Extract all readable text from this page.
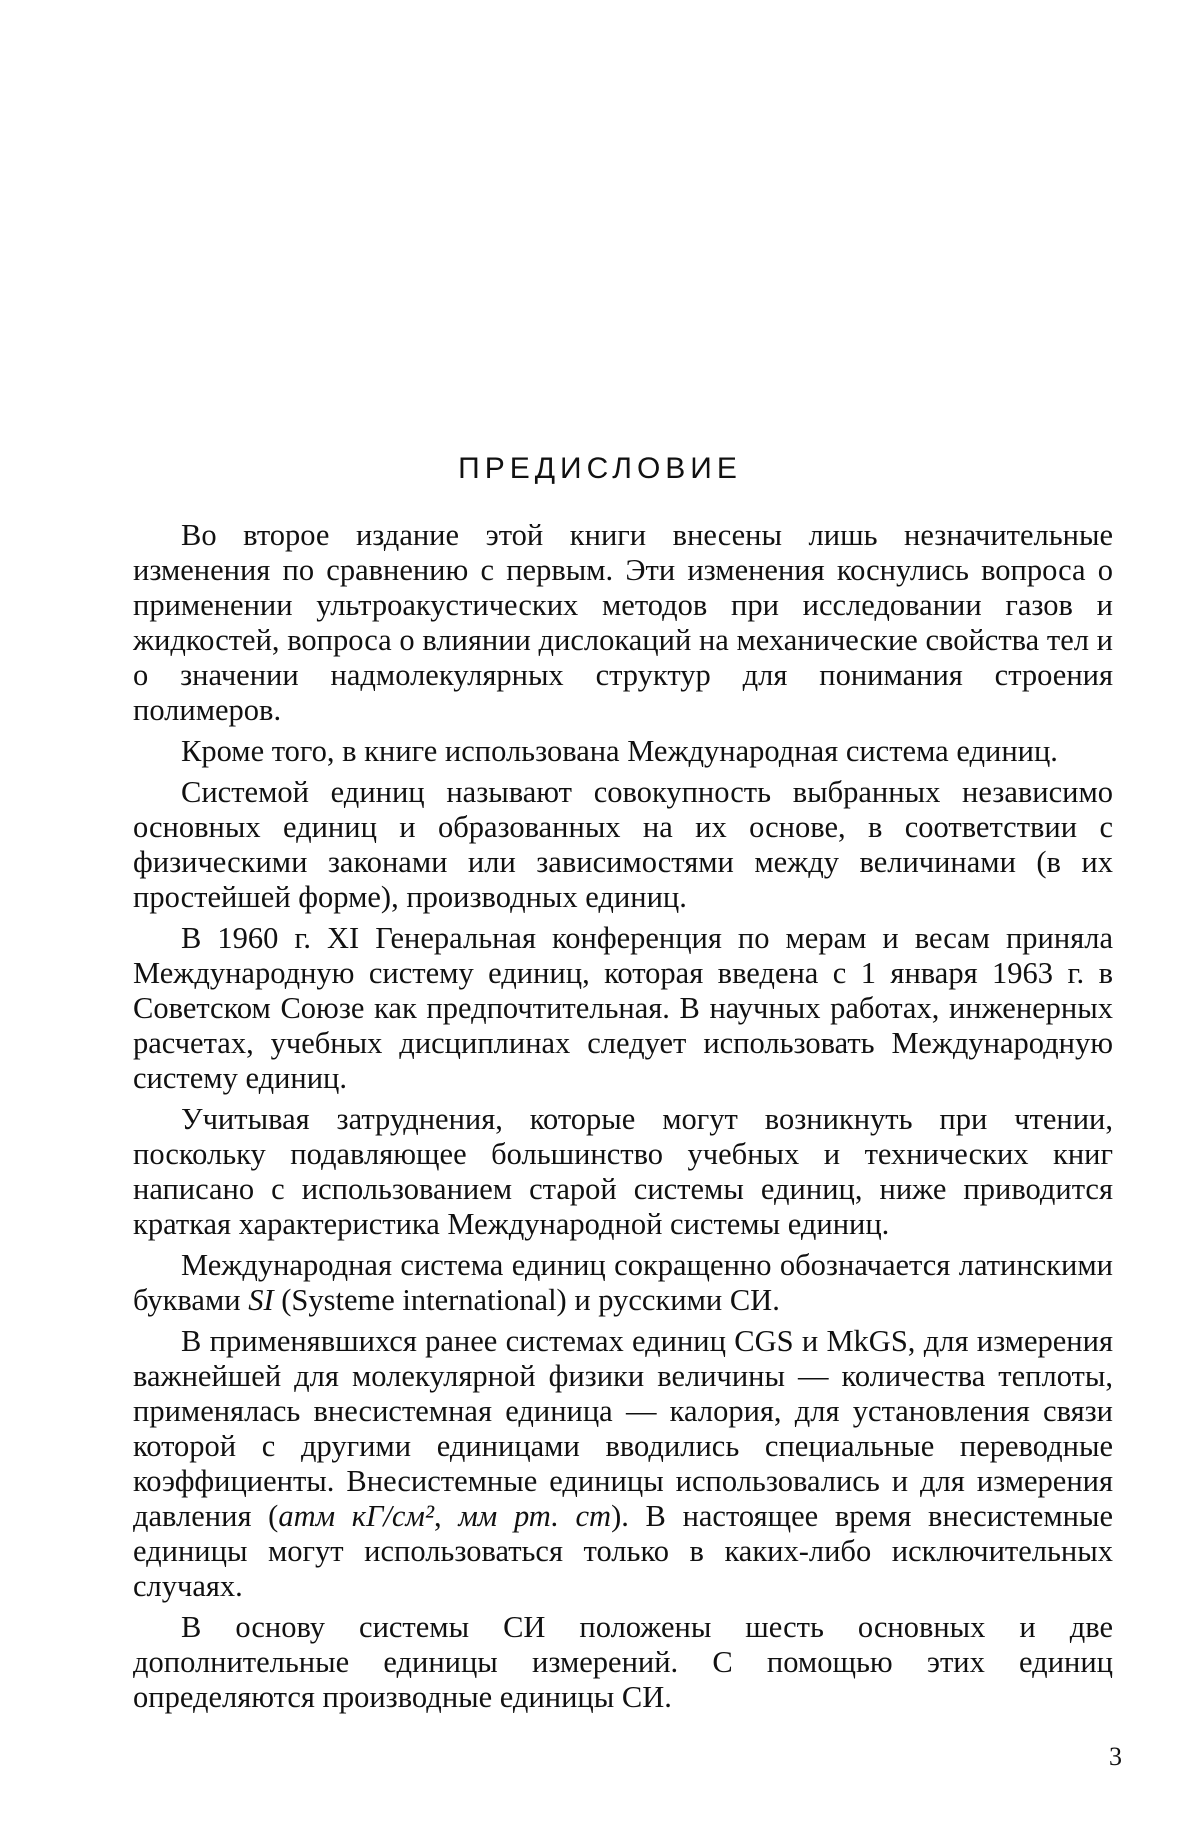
ПРЕДИСЛОВИЕ

Во второе издание этой книги внесены лишь незначительные изменения по сравнению с первым. Эти изменения коснулись вопроса о применении ультроакустических методов при исследовании газов и жидкостей, вопроса о влиянии дислокаций на механические свойства тел и о значении надмолекулярных структур для понимания строения полимеров.

Кроме того, в книге использована Международная система единиц.

Системой единиц называют совокупность выбранных независимо основных единиц и образованных на их основе, в соответствии с физическими законами или зависимостями между величинами (в их простейшей форме), производных единиц.

В 1960 г. XI Генеральная конференция по мерам и весам приняла Международную систему единиц, которая введена с 1 января 1963 г. в Советском Союзе как предпочтительная. В научных работах, инженерных расчетах, учебных дисциплинах следует использовать Международную систему единиц.

Учитывая затруднения, которые могут возникнуть при чтении, поскольку подавляющее большинство учебных и технических книг написано с использованием старой системы единиц, ниже приводится краткая характеристика Международной системы единиц.

Международная система единиц сокращенно обозначается латинскими буквами SI (Systeme international) и русскими СИ.

В применявшихся ранее системах единиц CGS и MkGS, для измерения важнейшей для молекулярной физики величины — количества теплоты, применялась внесистемная единица — калория, для установления связи которой с другими единицами вводились специальные переводные коэффициенты. Внесистемные единицы использовались и для измерения давления (атм кГ/см², мм рт. ст). В настоящее время внесистемные единицы могут использоваться только в каких-либо исключительных случаях.

В основу системы СИ положены шесть основных и две дополнительные единицы измерений. С помощью этих единиц определяются производные единицы СИ.

3
